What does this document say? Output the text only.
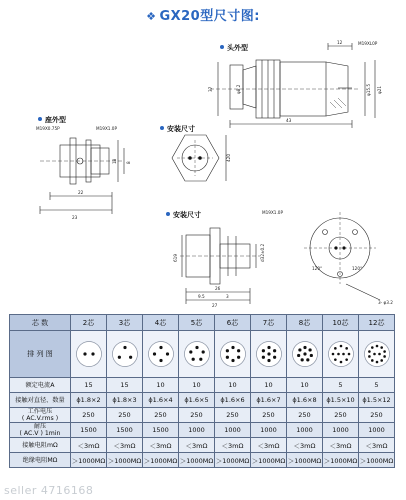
❖ GX20型尺寸图:
头外型
座外型
安装尺寸
安装尺寸
M19XL0P
12
37	φ8.2	φ15.5 φ21
43
M19X0.75P	M19X1.0P
18 8
22
23
420
M19X1.0P
619	d32±0.2
26
9.5	3
27
120°	120°
3- φ3.2
芯 数	2芯	3芯	4芯	5芯	6芯	7芯	8芯	10芯	12芯
排 列 图	

额定电流A	15	15	10	10	10	10	10	5	5
接触对直径、数量	ϕ1.8×2	ϕ1.8×3	ϕ1.6×4	ϕ1.6×5	ϕ1.6×6	ϕ1.6×7	ϕ1.6×8	ϕ1.5×10	ϕ1.5×12
工作电压
( AC.V.rms )	250	250	250	250	250	250	250	250	250
耐压
( AC.V ) 1min	1500	1500	1500	1000	1000	1000	1000	1000	1000
接触电阻mΩ	＜3mΩ	＜3mΩ	＜3mΩ	＜3mΩ	＜3mΩ	＜3mΩ	＜3mΩ	＜3mΩ	＜3mΩ
绝缘电阻MΩ	＞1000MΩ	＞1000MΩ	＞1000MΩ	＞1000MΩ	＞1000MΩ	＞1000MΩ	＞1000MΩ	＞1000MΩ	＞1000MΩ
seller 4716168
